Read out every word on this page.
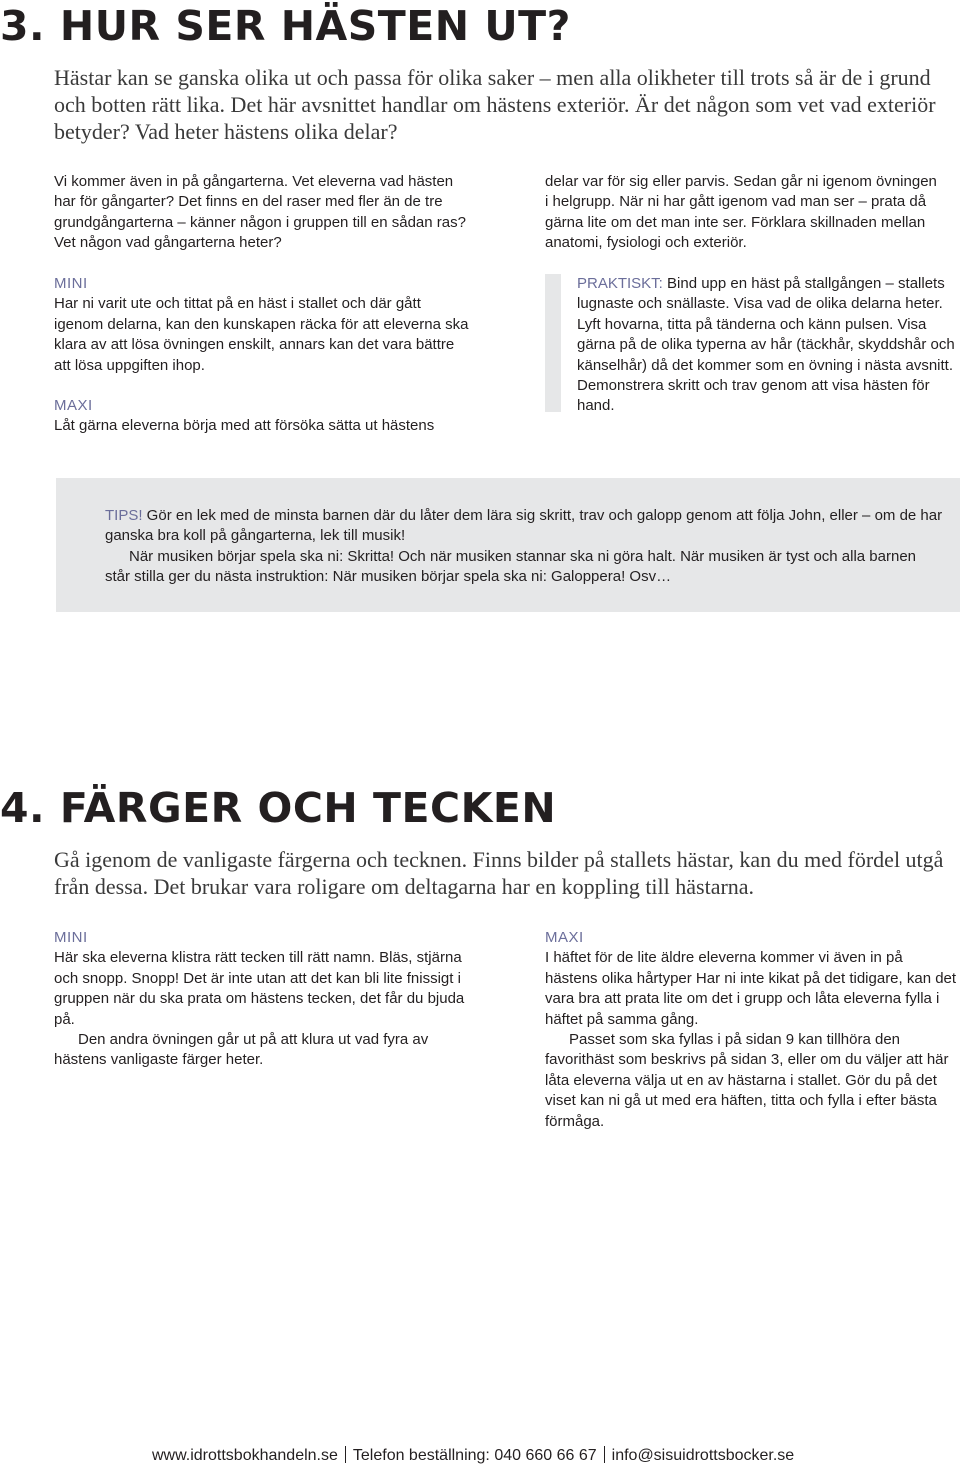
3. HUR SER HÄSTEN UT?

Hästar kan se ganska olika ut och passa för olika saker – men alla olikheter till trots så är de i grund och botten rätt lika. Det här avsnittet handlar om hästens exteriör. Är det någon som vet vad exteriör betyder? Vad heter hästens olika delar?

Vi kommer även in på gångarterna. Vet eleverna vad hästen har för gångarter? Det finns en del raser med fler än de tre grundgångarterna – känner någon i gruppen till en sådan ras? Vet någon vad gångarterna heter?

MINI

Har ni varit ute och tittat på en häst i stallet och där gått igenom delarna, kan den kunskapen räcka för att eleverna ska klara av att lösa övningen enskilt, annars kan det vara bättre att lösa uppgiften ihop.

MAXI

Låt gärna eleverna börja med att försöka sätta ut hästens

delar var för sig eller parvis. Sedan går ni igenom övningen i helgrupp. När ni har gått igenom vad man ser – prata då gärna lite om det man inte ser. Förklara skillnaden mellan anatomi, fysiologi och exteriör.

PRAKTISKT: Bind upp en häst på stallgången – stallets lugnaste och snällaste. Visa vad de olika delarna heter. Lyft hovarna, titta på tänderna och känn pulsen. Visa gärna på de olika typerna av hår (täckhår, skyddshår och känselhår) då det kommer som en övning i nästa avsnitt. Demonstrera skritt och trav genom att visa hästen för hand.

TIPS! Gör en lek med de minsta barnen där du låter dem lära sig skritt, trav och galopp genom att följa John, eller – om de har ganska bra koll på gångarterna, lek till musik!

När musiken börjar spela ska ni: Skritta! Och när musiken stannar ska ni göra halt. När musiken är tyst och alla barnen står stilla ger du nästa instruktion: När musiken börjar spela ska ni: Galoppera! Osv…

4. FÄRGER OCH TECKEN

Gå igenom de vanligaste färgerna och tecknen. Finns bilder på stallets hästar, kan du med fördel utgå från dessa. Det brukar vara roligare om deltagarna har en koppling till hästarna.

MINI

Här ska eleverna klistra rätt tecken till rätt namn. Bläs, stjärna och snopp. Snopp! Det är inte utan att det kan bli lite fnissigt i gruppen när du ska prata om hästens tecken, det får du bjuda på.

Den andra övningen går ut på att klura ut vad fyra av hästens vanligaste färger heter.

MAXI

I häftet för de lite äldre eleverna kommer vi även in på hästens olika hårtyper Har ni inte kikat på det tidigare, kan det vara bra att prata lite om det i grupp och låta eleverna fylla i häftet på samma gång.

Passet som ska fyllas i på sidan 9 kan tillhöra den favorithäst som beskrivs på sidan 3, eller om du väljer att här låta eleverna välja ut en av hästarna i stallet. Gör du på det viset kan ni gå ut med era häften, titta och fylla i efter bästa förmåga.

www.idrottsbokhandeln.se Telefon beställning: 040 660 66 67 info@sisuidrottsbocker.se
